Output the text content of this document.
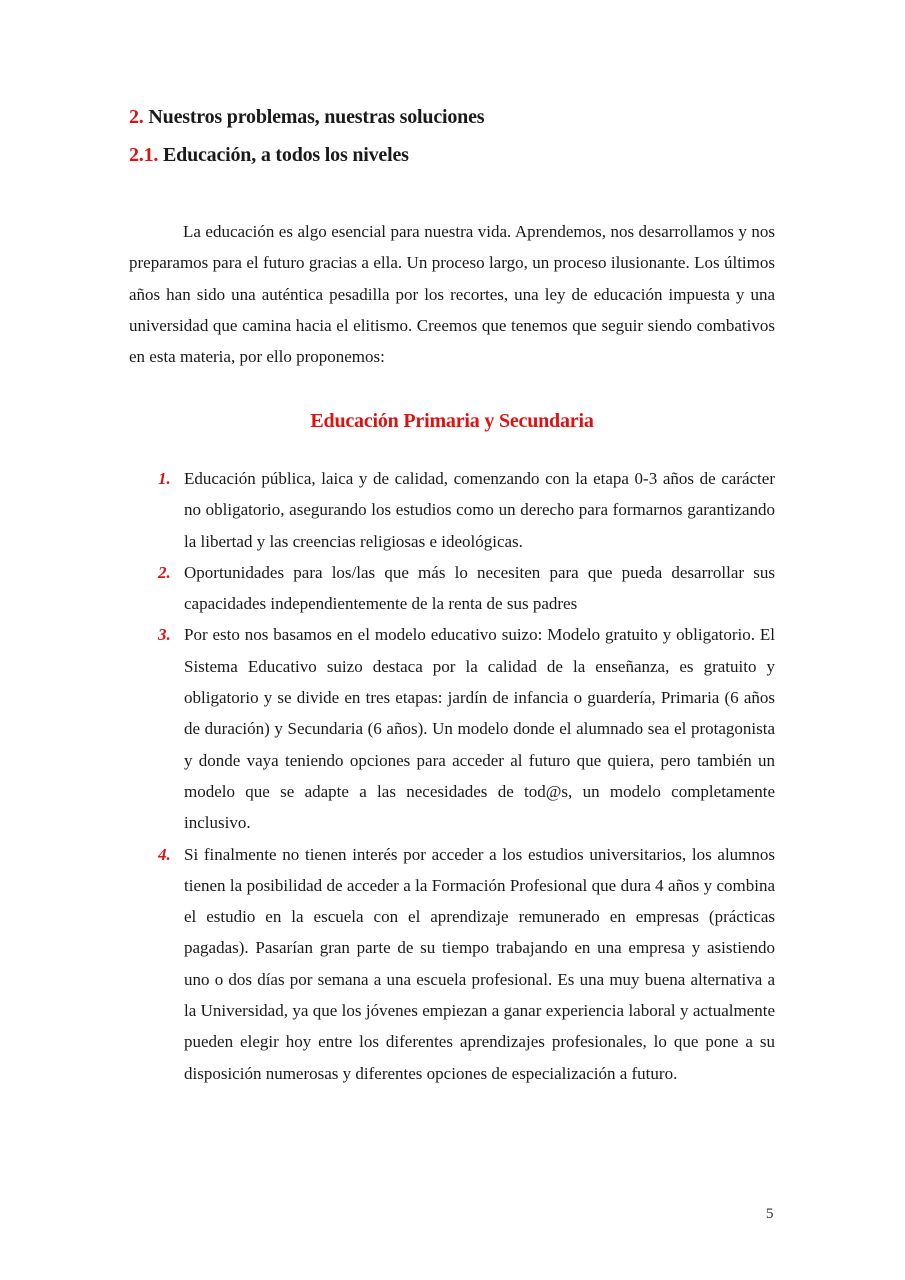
2. Nuestros problemas, nuestras soluciones
2.1. Educación, a todos los niveles

La educación es algo esencial para nuestra vida. Aprendemos, nos desarrollamos y nos preparamos para el futuro gracias a ella. Un proceso largo, un proceso ilusionante. Los últimos años han sido una auténtica pesadilla por los recortes, una ley de educación impuesta y una universidad que camina hacia el elitismo. Creemos que tenemos que seguir siendo combativos en esta materia, por ello proponemos:

Educación Primaria y Secundaria
1. Educación pública, laica y de calidad, comenzando con la etapa 0-3 años de carácter no obligatorio, asegurando los estudios como un derecho para formarnos garantizando la libertad y las creencias religiosas e ideológicas.
2. Oportunidades para los/las que más lo necesiten para que pueda desarrollar sus capacidades independientemente de la renta de sus padres
3. Por esto nos basamos en el modelo educativo suizo: Modelo gratuito y obligatorio. El Sistema Educativo suizo destaca por la calidad de la enseñanza, es gratuito y obligatorio y se divide en tres etapas: jardín de infancia o guardería, Primaria (6 años de duración) y Secundaria (6 años). Un modelo donde el alumnado sea el protagonista y donde vaya teniendo opciones para acceder al futuro que quiera, pero también un modelo que se adapte a las necesidades de tod@s, un modelo completamente inclusivo.
4. Si finalmente no tienen interés por acceder a los estudios universitarios, los alumnos tienen la posibilidad de acceder a la Formación Profesional que dura 4 años y combina el estudio en la escuela con el aprendizaje remunerado en empresas (prácticas pagadas). Pasarían gran parte de su tiempo trabajando en una empresa y asistiendo uno o dos días por semana a una escuela profesional. Es una muy buena alternativa a la Universidad, ya que los jóvenes empiezan a ganar experiencia laboral y actualmente pueden elegir hoy entre los diferentes aprendizajes profesionales, lo que pone a su disposición numerosas y diferentes opciones de especialización a futuro.
5
